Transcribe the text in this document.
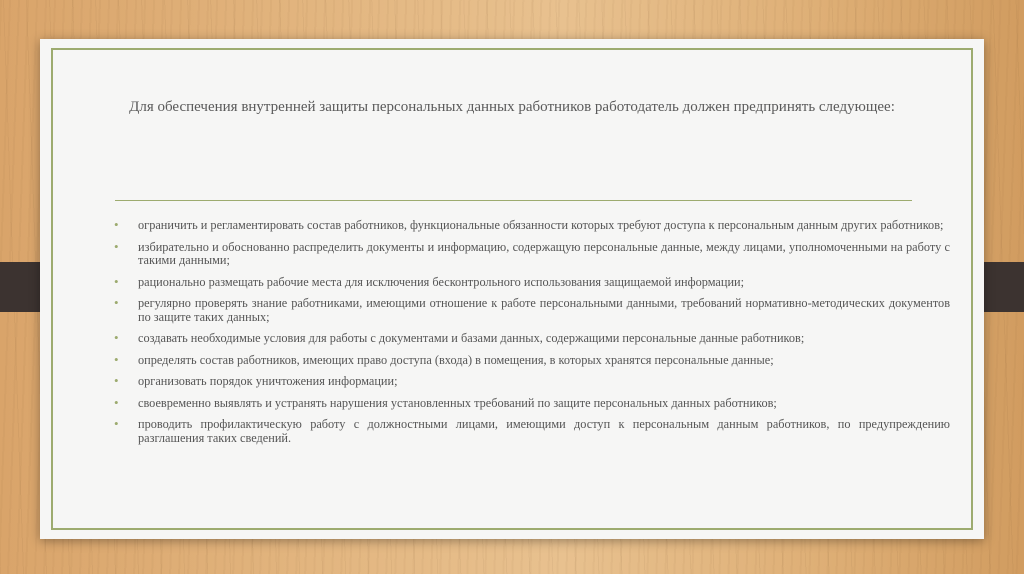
Для обеспечения внутренней защиты персональных данных работников работодатель должен предпринять следующее:
• ограничить и регламентировать состав работников, функциональные обязанности которых требуют доступа к персональным данным других работников;
• избирательно и обоснованно распределить документы и информацию, содержащую персональные данные, между лицами, уполномоченными на работу с такими данными;
• рационально размещать рабочие места для исключения бесконтрольного использования защищаемой информации;
• регулярно проверять знание работниками, имеющими отношение к работе персональными данными, требований нормативно-методических документов по защите таких данных;
• создавать необходимые условия для работы с документами и базами данных, содержащими персональные данные работников;
• определять состав работников, имеющих право доступа (входа) в помещения, в которых хранятся персональные данные;
• организовать порядок уничтожения информации;
• своевременно выявлять и устранять нарушения установленных требований по защите персональных данных работников;
• проводить профилактическую работу с должностными лицами, имеющими доступ к персональным данным работников, по предупреждению разглашения таких сведений.
